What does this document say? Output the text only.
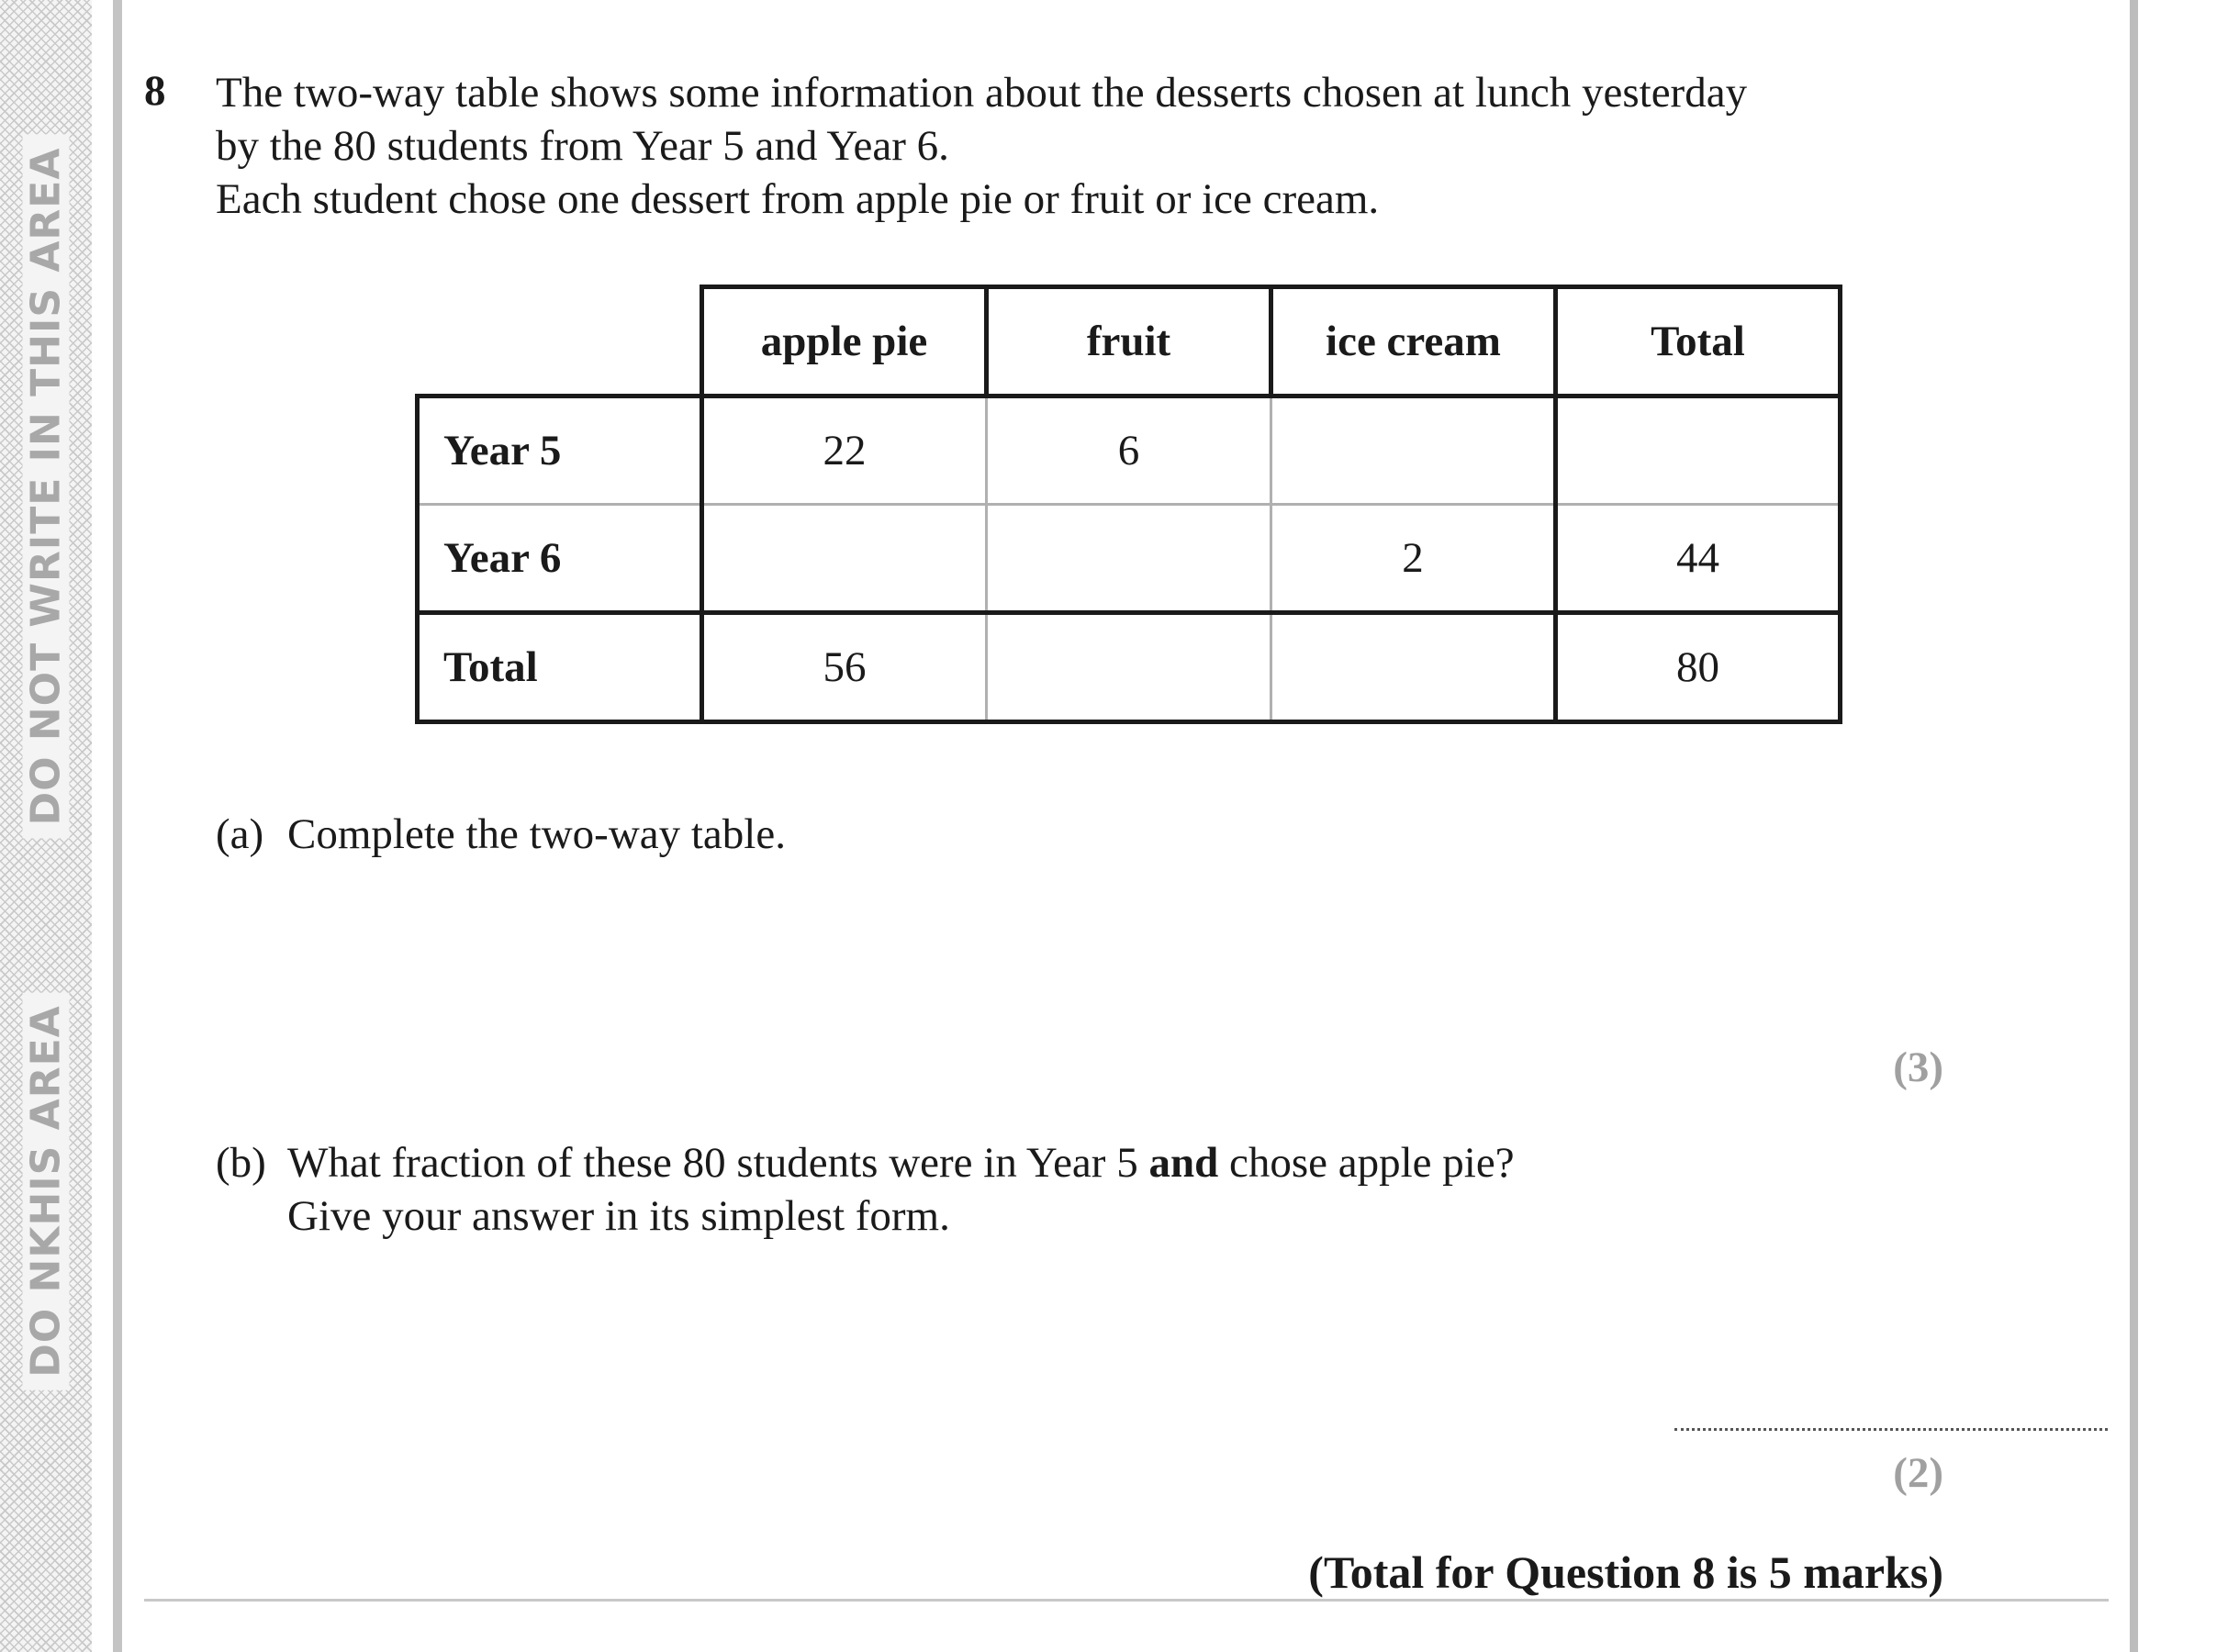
DO NOT WRITE IN THIS AREA
DO NKHIS AREA
8 The two-way table shows some information about the desserts chosen at lunch yesterday
by the 80 students from Year 5 and Year 6.
Each student chose one dessert from apple pie or fruit or ice cream.
	apple pie	fruit	ice cream	Total
Year 5	22	6		
Year 6			2	44
Total	56			80
(a) Complete the two-way table.
(3)
(b) What fraction of these 80 students were in Year 5 and chose apple pie?
Give your answer in its simplest form.
(2)
(Total for Question 8 is 5 marks)
